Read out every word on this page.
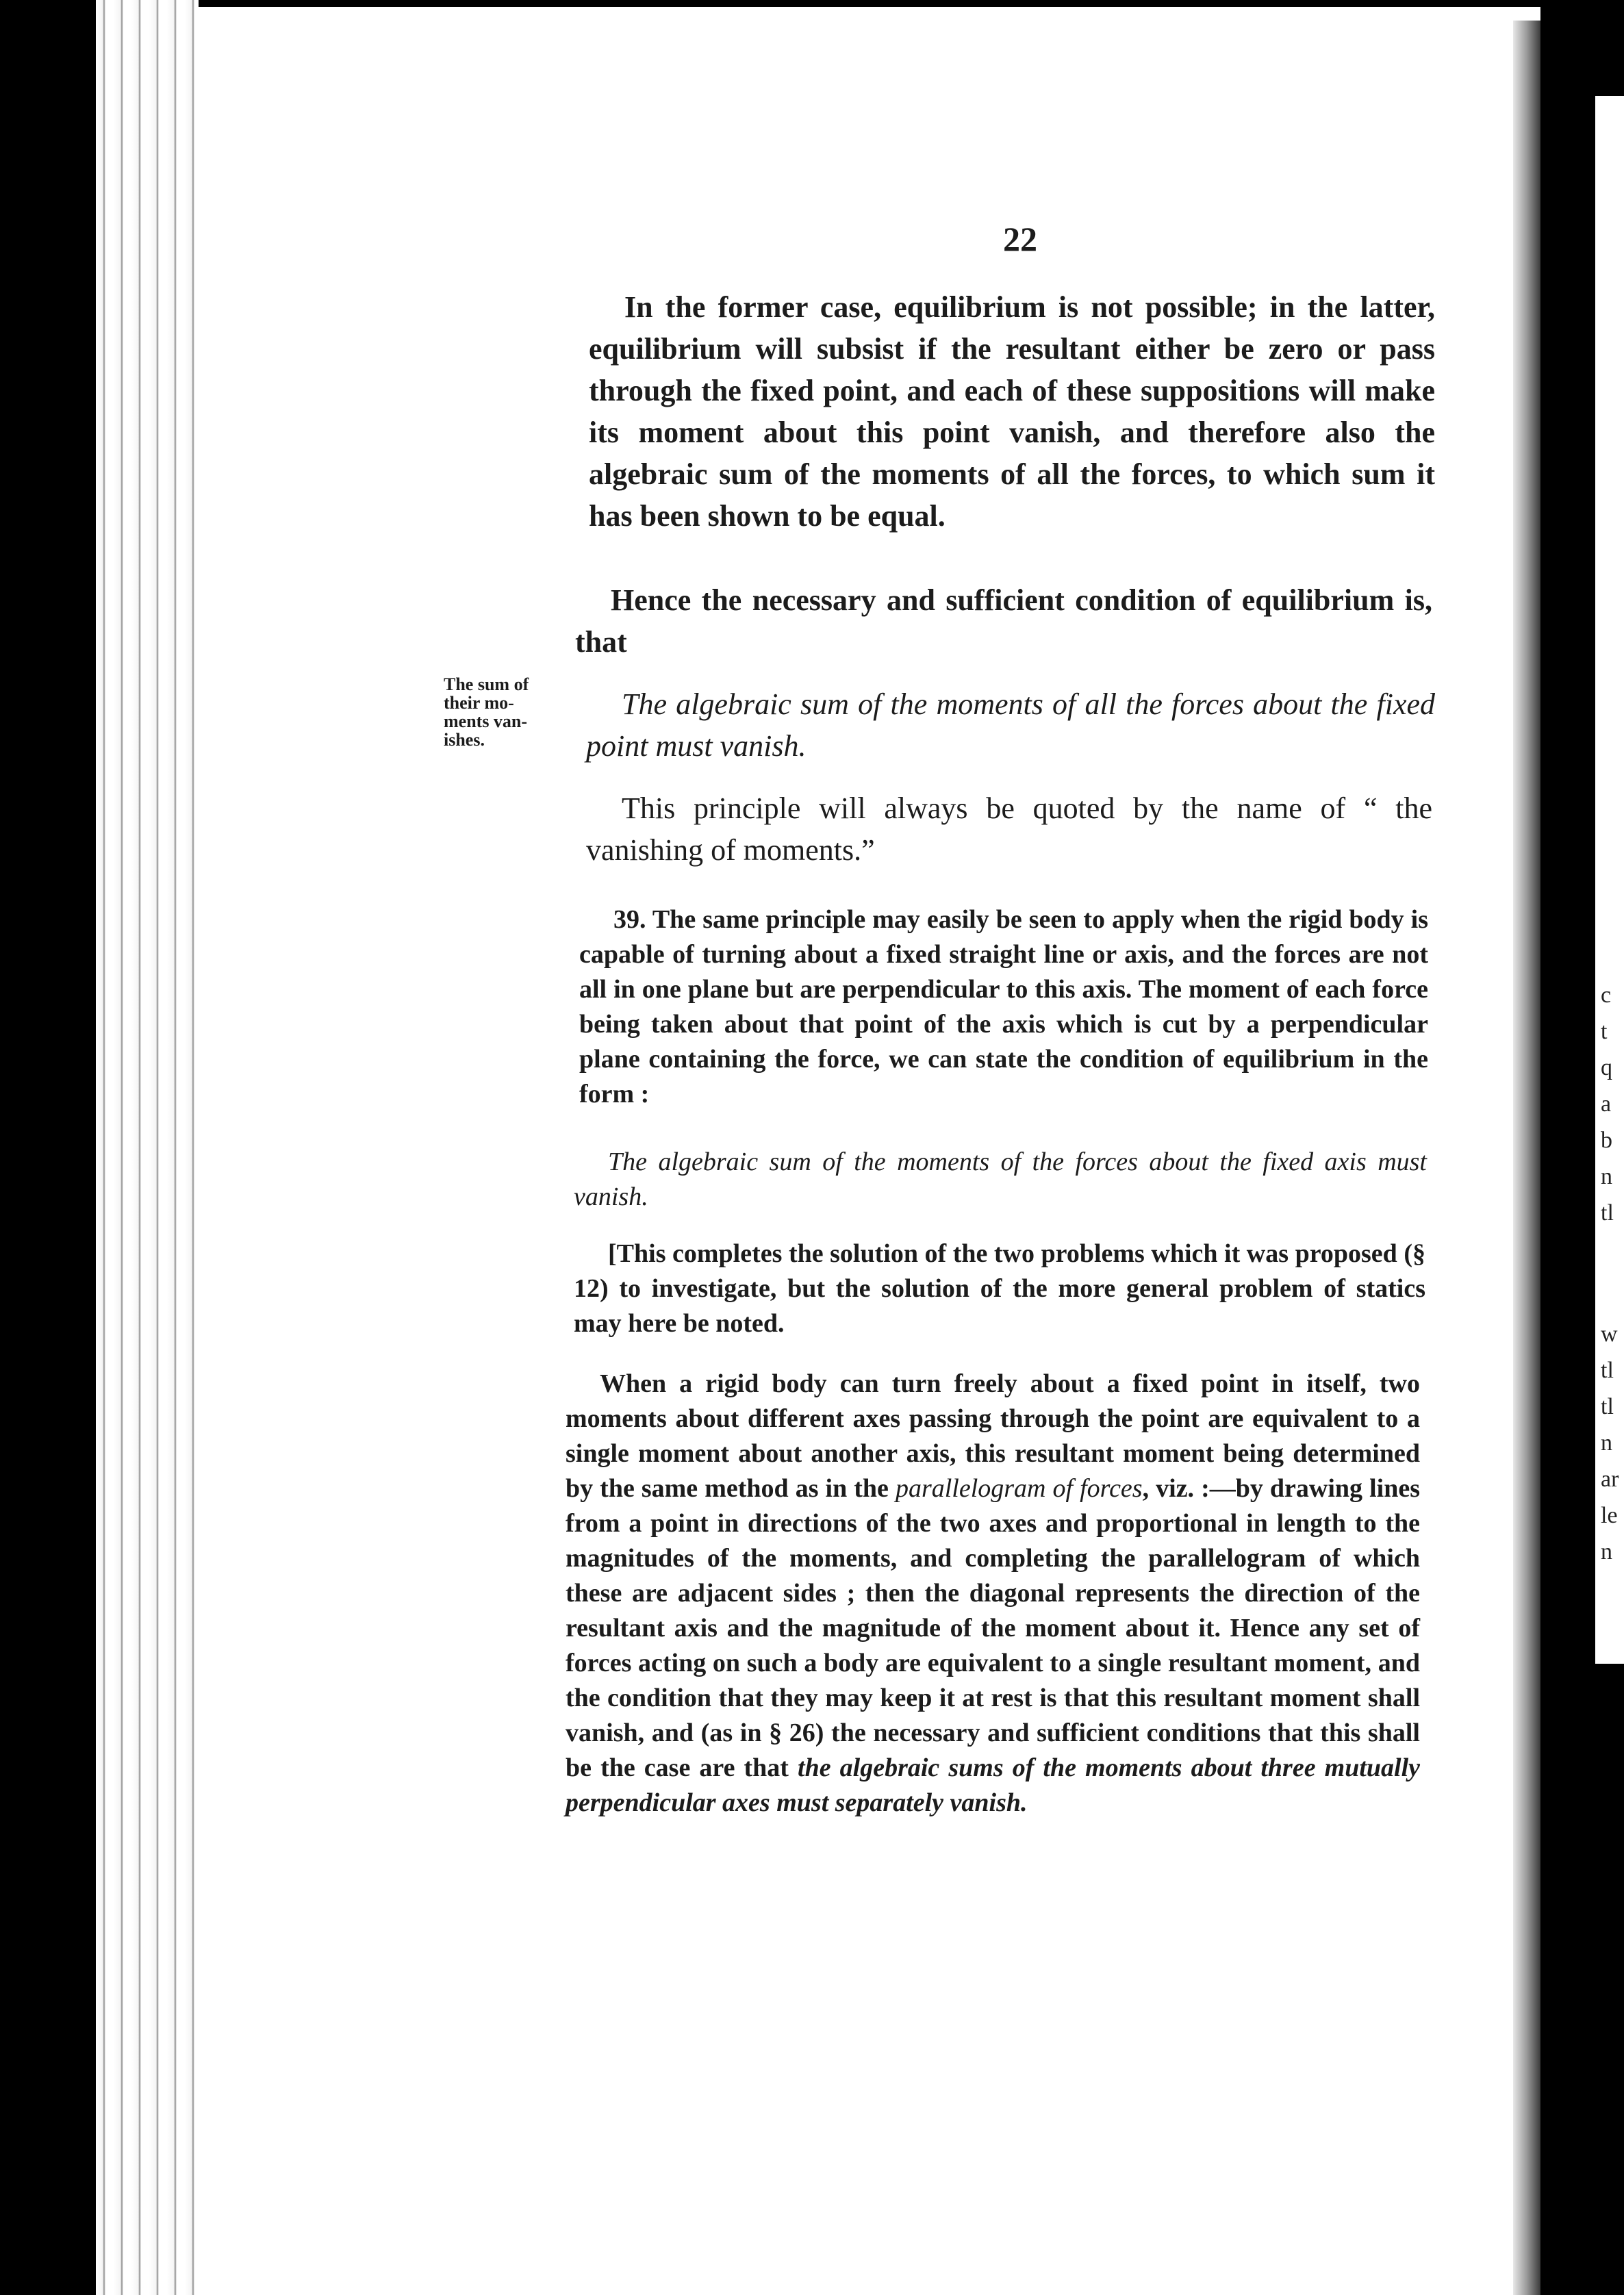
c
t
q
a
b
n
tl
w
tl
tl
n
ar
le
n
22

In the former case, equilibrium is not possible; in the latter, equilibrium will subsist if the resultant either be zero or pass through the fixed point, and each of these suppositions will make its moment about this point vanish, and therefore also the algebraic sum of the moments of all the forces, to which sum it has been shown to be equal.

Hence the necessary and sufficient condition of equilibrium is, that

The sum of
their mo-
ments van-
ishes.

The algebraic sum of the moments of all the forces about the fixed point must vanish.

This principle will always be quoted by the name of “ the vanishing of moments.”

39. The same principle may easily be seen to apply when the rigid body is capable of turning about a fixed straight line or axis, and the forces are not all in one plane but are perpendicular to this axis. The moment of each force being taken about that point of the axis which is cut by a perpendicular plane containing the force, we can state the condition of equilibrium in the form :

The algebraic sum of the moments of the forces about the fixed axis must vanish.

[This completes the solution of the two problems which it was proposed (§ 12) to investigate, but the solution of the more general problem of statics may here be noted.

When a rigid body can turn freely about a fixed point in itself, two moments about different axes passing through the point are equivalent to a single moment about another axis, this resultant moment being determined by the same method as in the parallelogram of forces, viz. :—by drawing lines from a point in directions of the two axes and proportional in length to the magnitudes of the moments, and completing the parallelogram of which these are adjacent sides ; then the diagonal represents the direction of the resultant axis and the magnitude of the moment about it. Hence any set of forces acting on such a body are equivalent to a single resultant moment, and the condition that they may keep it at rest is that this resultant moment shall vanish, and (as in § 26) the necessary and sufficient conditions that this shall be the case are that the algebraic sums of the moments about three mutually perpendicular axes must separately vanish.
